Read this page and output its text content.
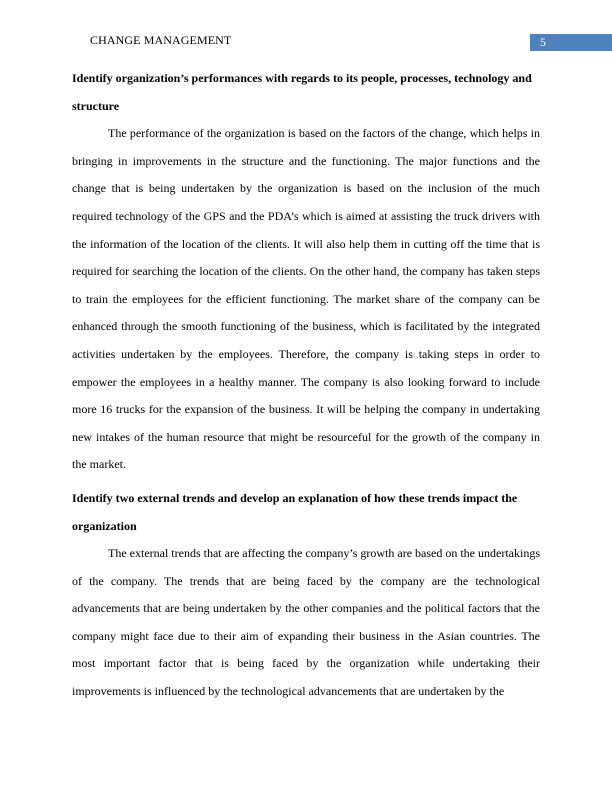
CHANGE MANAGEMENT	5

Identify organization’s performances with regards to its people, processes, technology and structure

The performance of the organization is based on the factors of the change, which helps in bringing in improvements in the structure and the functioning. The major functions and the change that is being undertaken by the organization is based on the inclusion of the much required technology of the GPS and the PDA’s which is aimed at assisting the truck drivers with the information of the location of the clients. It will also help them in cutting off the time that is required for searching the location of the clients. On the other hand, the company has taken steps to train the employees for the efficient functioning. The market share of the company can be enhanced through the smooth functioning of the business, which is facilitated by the integrated activities undertaken by the employees. Therefore, the company is taking steps in order to empower the employees in a healthy manner. The company is also looking forward to include more 16 trucks for the expansion of the business. It will be helping the company in undertaking new intakes of the human resource that might be resourceful for the growth of the company in the market.

Identify two external trends and develop an explanation of how these trends impact the organization

The external trends that are affecting the company’s growth are based on the undertakings of the company. The trends that are being faced by the company are the technological advancements that are being undertaken by the other companies and the political factors that the company might face due to their aim of expanding their business in the Asian countries. The most important factor that is being faced by the organization while undertaking their improvements is influenced by the technological advancements that are undertaken by the
